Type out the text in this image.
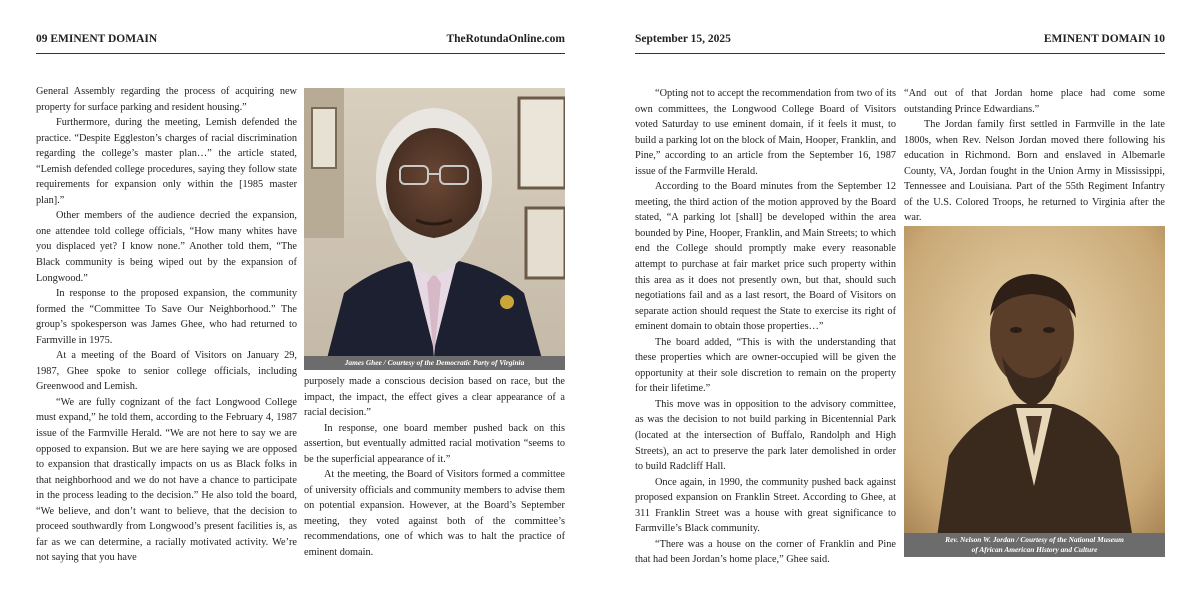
09 EMINENT DOMAIN	TheRotundaOnline.com

General Assembly regarding the process of acquiring new property for surface parking and resident housing.”

Furthermore, during the meeting, Lemish defended the practice. “Despite Eggleston’s charges of racial discrimination regarding the college’s master plan…” the article stated, “Lemish defended college procedures, saying they follow state requirements for expansion only within the [1985 master plan].”

Other members of the audience decried the expansion, one attendee told college officials, “How many whites have you displaced yet? I know none.” Another told them, “The Black community is being wiped out by the expansion of Longwood.”

In response to the proposed expansion, the community formed the “Committee To Save Our Neighborhood.” The group’s spokesperson was James Ghee, who had returned to Farmville in 1975.

At a meeting of the Board of Visitors on January 29, 1987, Ghee spoke to senior college officials, including Greenwood and Lemish.

“We are fully cognizant of the fact Longwood College must expand,” he told them, according to the February 4, 1987 issue of the Farmville Herald. “We are not here to say we are opposed to expansion. But we are here saying we are opposed to expansion that drastically impacts on us as Black folks in that neighborhood and we do not have a chance to participate in the process leading to the decision.” He also told the board, “We believe, and don’t want to believe, that the decision to proceed southwardly from Longwood’s present facilities is, as far as we can determine, a racially motivated activity. We’re not saying that you have

James Ghee / Courtesy of the Democratic Party of Virginia

purposely made a conscious decision based on race, but the impact, the impact, the effect gives a clear appearance of a racial decision.”

In response, one board member pushed back on this assertion, but eventually admitted racial motivation “seems to be the superficial appearance of it.”

At the meeting, the Board of Visitors formed a committee of university officials and community members to advise them on potential expansion. However, at the Board’s September meeting, they voted against both of the committee’s recommendations, one of which was to halt the practice of eminent domain.

September 15, 2025	EMINENT DOMAIN 10

“Opting not to accept the recommendation from two of its own committees, the Longwood College Board of Visitors voted Saturday to use eminent domain, if it feels it must, to build a parking lot on the block of Main, Hooper, Franklin, and Pine,” according to an article from the September 16, 1987 issue of the Farmville Herald.

According to the Board minutes from the September 12 meeting, the third action of the motion approved by the Board stated, “A parking lot [shall] be developed within the area bounded by Pine, Hooper, Franklin, and Main Streets; to which end the College should promptly make every reasonable attempt to purchase at fair market price such property within this area as it does not presently own, but that, should such negotiations fail and as a last resort, the Board of Visitors on separate action should request the State to exercise its right of eminent domain to obtain those properties…”

The board added, “This is with the understanding that these properties which are owner-occupied will be given the opportunity at their sole discretion to remain on the property for their lifetime.”

This move was in opposition to the advisory committee, as was the decision to not build parking in Bicentennial Park (located at the intersection of Buffalo, Randolph and High Streets), an act to preserve the park later demolished in order to build Radcliff Hall.

Once again, in 1990, the community pushed back against proposed expansion on Franklin Street. According to Ghee, at 311 Franklin Street was a house with great significance to Farmville’s Black community.

“There was a house on the corner of Franklin and Pine that had been Jordan’s home place,” Ghee said.

“And out of that Jordan home place had come some outstanding Prince Edwardians.”

The Jordan family first settled in Farmville in the late 1800s, when Rev. Nelson Jordan moved there following his education in Richmond. Born and enslaved in Albemarle County, VA, Jordan fought in the Union Army in Mississippi, Tennessee and Louisiana. Part of the 55th Regiment Infantry of the U.S. Colored Troops, he returned to Virginia after the war.

Rev. Nelson W. Jordan / Courtesy of the National Museum
of African American History and Culture
